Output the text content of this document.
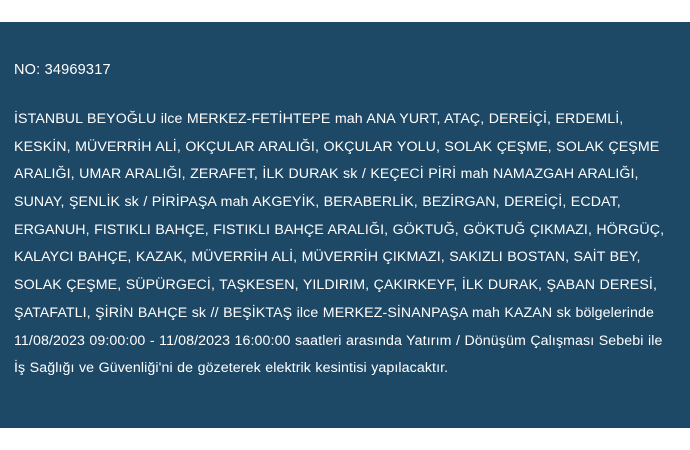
NO: 34969317
İSTANBUL BEYOĞLU ilce MERKEZ-FETİHTEPE mah ANA YURT, ATAÇ, DEREİÇİ, ERDEMLİ, KESKİN, MÜVERRİH ALİ, OKÇULAR ARALIĞI, OKÇULAR YOLU, SOLAK ÇEŞME, SOLAK ÇEŞME ARALIĞI, UMAR ARALIĞI, ZERAFET, İLK DURAK sk / KEÇECİ PİRİ mah NAMAZGAH ARALIĞI, SUNAY, ŞENLİK sk / PİRİPAŞA mah AKGEYİK, BERABERLİK, BEZİRGAN, DEREİÇİ, ECDAT, ERGANUH, FISTIKLI BAHÇE, FISTIKLI BAHÇE ARALIĞI, GÖKTUĞ, GÖKTUĞ ÇIKMAZI, HÖRGÜÇ, KALAYCI BAHÇE, KAZAK, MÜVERRİH ALİ, MÜVERRİH ÇIKMAZI, SAKIZLI BOSTAN, SAİT BEY, SOLAK ÇEŞME, SÜPÜRGECİ, TAŞKESEN, YILDIRIM, ÇAKIRKEYF, İLK DURAK, ŞABAN DERESİ, ŞATAFATLI, ŞİRİN BAHÇE sk // BEŞİKTAŞ ilce MERKEZ-SİNANPAŞA mah KAZAN sk bölgelerinde 11/08/2023 09:00:00 - 11/08/2023 16:00:00 saatleri arasında Yatırım / Dönüşüm Çalışması Sebebi ile İş Sağlığı ve Güvenliği'ni de gözeterek elektrik kesintisi yapılacaktır.
